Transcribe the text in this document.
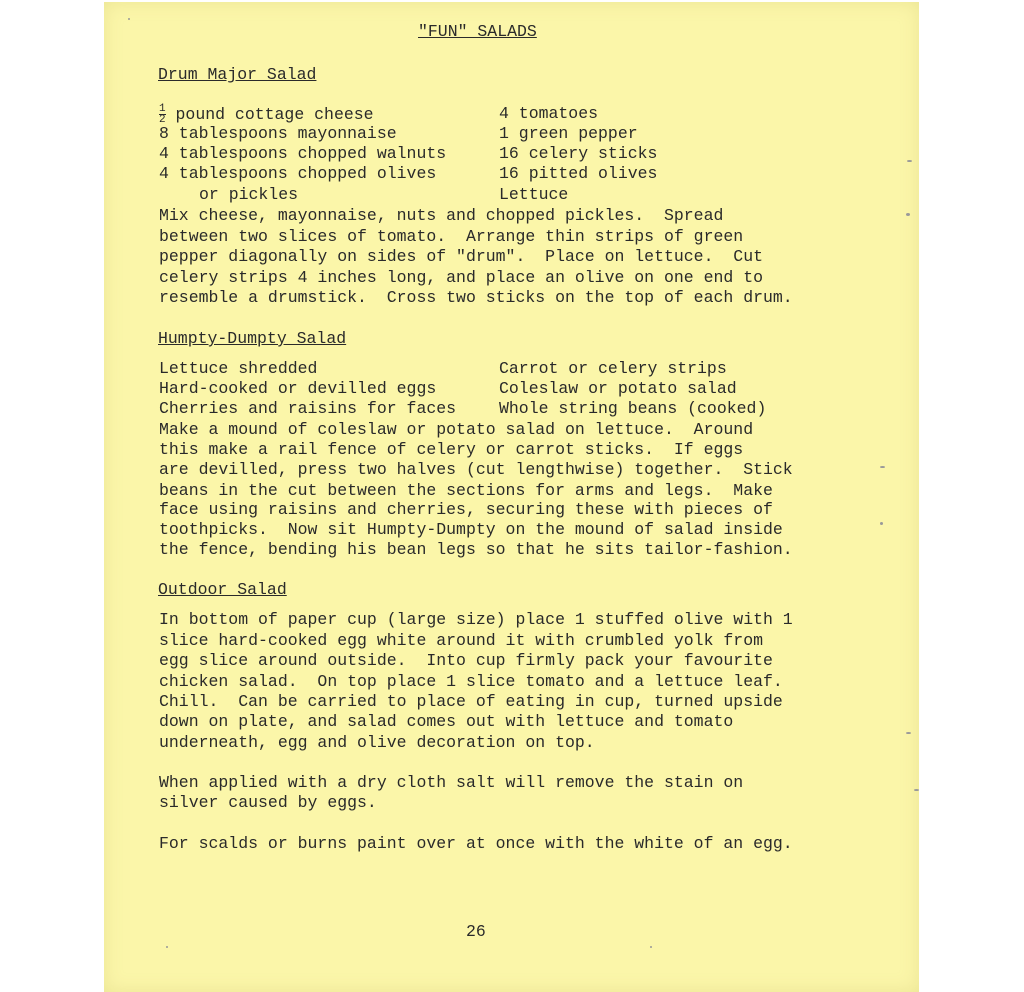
"FUN" SALADS
Drum Major Salad
$\frac{1}{2}$ pound cottage cheese
8 tablespoons mayonnaise
4 tablespoons chopped walnuts
4 tablespoons chopped olives
or pickles
4 tomatoes
1 green pepper
16 celery sticks
16 pitted olives
Lettuce
Mix cheese, mayonnaise, nuts and chopped pickles.  Spread
between two slices of tomato.  Arrange thin strips of green
pepper diagonally on sides of "drum".  Place on lettuce.  Cut
celery strips 4 inches long, and place an olive on one end to
resemble a drumstick.  Cross two sticks on the top of each drum.
Humpty-Dumpty Salad
Lettuce shredded
Hard-cooked or devilled eggs
Cherries and raisins for faces
Carrot or celery strips
Coleslaw or potato salad
Whole string beans (cooked)
Make a mound of coleslaw or potato salad on lettuce.  Around
this make a rail fence of celery or carrot sticks.  If eggs
are devilled, press two halves (cut lengthwise) together.  Stick
beans in the cut between the sections for arms and legs.  Make
face using raisins and cherries, securing these with pieces of
toothpicks.  Now sit Humpty-Dumpty on the mound of salad inside
the fence, bending his bean legs so that he sits tailor-fashion.
Outdoor Salad
In bottom of paper cup (large size) place 1 stuffed olive with 1
slice hard-cooked egg white around it with crumbled yolk from
egg slice around outside.  Into cup firmly pack your favourite
chicken salad.  On top place 1 slice tomato and a lettuce leaf.
Chill.  Can be carried to place of eating in cup, turned upside
down on plate, and salad comes out with lettuce and tomato
underneath, egg and olive decoration on top.
When applied with a dry cloth salt will remove the stain on
silver caused by eggs.
For scalds or burns paint over at once with the white of an egg.
26
